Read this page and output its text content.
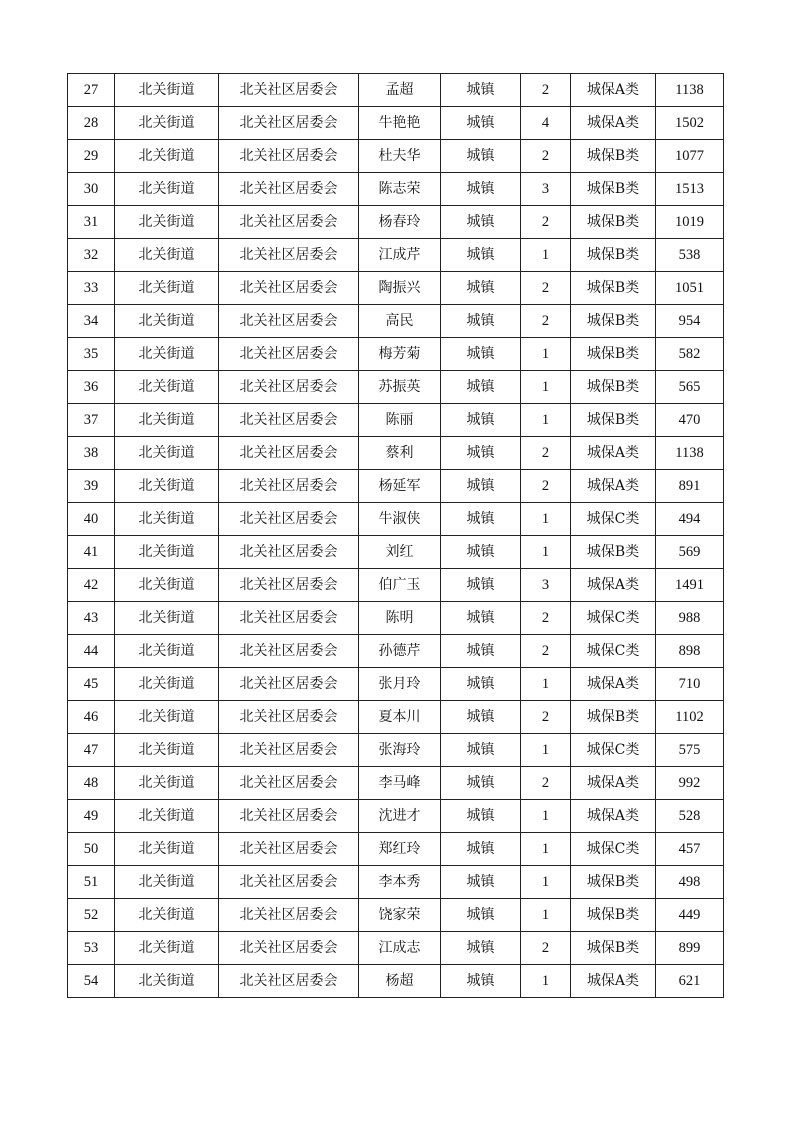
27	北关街道	北关社区居委会	孟超	城镇	2	城保A类	1138
28	北关街道	北关社区居委会	牛艳艳	城镇	4	城保A类	1502
29	北关街道	北关社区居委会	杜夫华	城镇	2	城保B类	1077
30	北关街道	北关社区居委会	陈志荣	城镇	3	城保B类	1513
31	北关街道	北关社区居委会	杨春玲	城镇	2	城保B类	1019
32	北关街道	北关社区居委会	江成芹	城镇	1	城保B类	538
33	北关街道	北关社区居委会	陶振兴	城镇	2	城保B类	1051
34	北关街道	北关社区居委会	高民	城镇	2	城保B类	954
35	北关街道	北关社区居委会	梅芳菊	城镇	1	城保B类	582
36	北关街道	北关社区居委会	苏振英	城镇	1	城保B类	565
37	北关街道	北关社区居委会	陈丽	城镇	1	城保B类	470
38	北关街道	北关社区居委会	蔡利	城镇	2	城保A类	1138
39	北关街道	北关社区居委会	杨延军	城镇	2	城保A类	891
40	北关街道	北关社区居委会	牛淑侠	城镇	1	城保C类	494
41	北关街道	北关社区居委会	刘红	城镇	1	城保B类	569
42	北关街道	北关社区居委会	伯广玉	城镇	3	城保A类	1491
43	北关街道	北关社区居委会	陈明	城镇	2	城保C类	988
44	北关街道	北关社区居委会	孙德芹	城镇	2	城保C类	898
45	北关街道	北关社区居委会	张月玲	城镇	1	城保A类	710
46	北关街道	北关社区居委会	夏本川	城镇	2	城保B类	1102
47	北关街道	北关社区居委会	张海玲	城镇	1	城保C类	575
48	北关街道	北关社区居委会	李马峰	城镇	2	城保A类	992
49	北关街道	北关社区居委会	沈进才	城镇	1	城保A类	528
50	北关街道	北关社区居委会	郑红玲	城镇	1	城保C类	457
51	北关街道	北关社区居委会	李本秀	城镇	1	城保B类	498
52	北关街道	北关社区居委会	饶家荣	城镇	1	城保B类	449
53	北关街道	北关社区居委会	江成志	城镇	2	城保B类	899
54	北关街道	北关社区居委会	杨超	城镇	1	城保A类	621
